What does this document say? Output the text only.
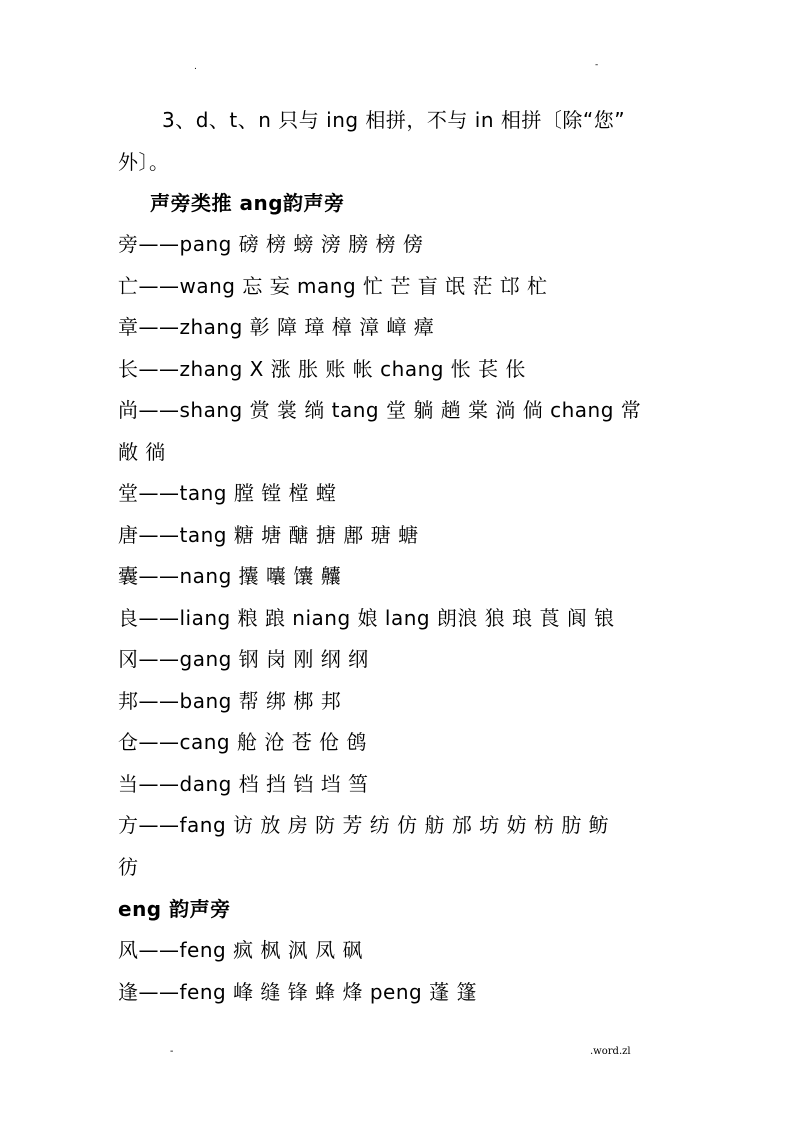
.	-
3、d、t、n 只与 ing 相拼，不与 in 相拼〔除“您”
外〕。
声旁类推 ang韵声旁
旁——pang 磅 榜 螃 滂 膀 榜 傍
亡——wang 忘 妄 mang 忙 芒 盲 氓 茫 邙 杧
章——zhang 彰 障 璋 樟 漳 嶂 瘴
长——zhang X 涨 胀 账 帐 chang 怅 苌 伥
尚——shang 赏 裳 绱 tang 堂 躺 趟 棠 淌 倘 chang 常
敞 徜
堂——tang 膛 镗 樘 螳
唐——tang 糖 塘 醣 搪 鄌 瑭 螗
囊——nang 攮 囔 馕 齉
良——liang 粮 踉 niang 娘 lang 朗浪 狼 琅 莨 阆 锒
冈——gang 钢 岗 刚 纲 纲
邦——bang 帮 绑 梆 邦
仓——cang 舱 沧 苍 伧 鸧
当——dang 档 挡 铛 垱 筜
方——fang 访 放 房 防 芳 纺 仿 舫 邡 坊 妨 枋 肪 鲂
彷
eng 韵声旁
风——feng 疯 枫 沨 凤 砜
逢——feng 峰 缝 锋 蜂 烽 peng 蓬 篷
-	.word.zl
